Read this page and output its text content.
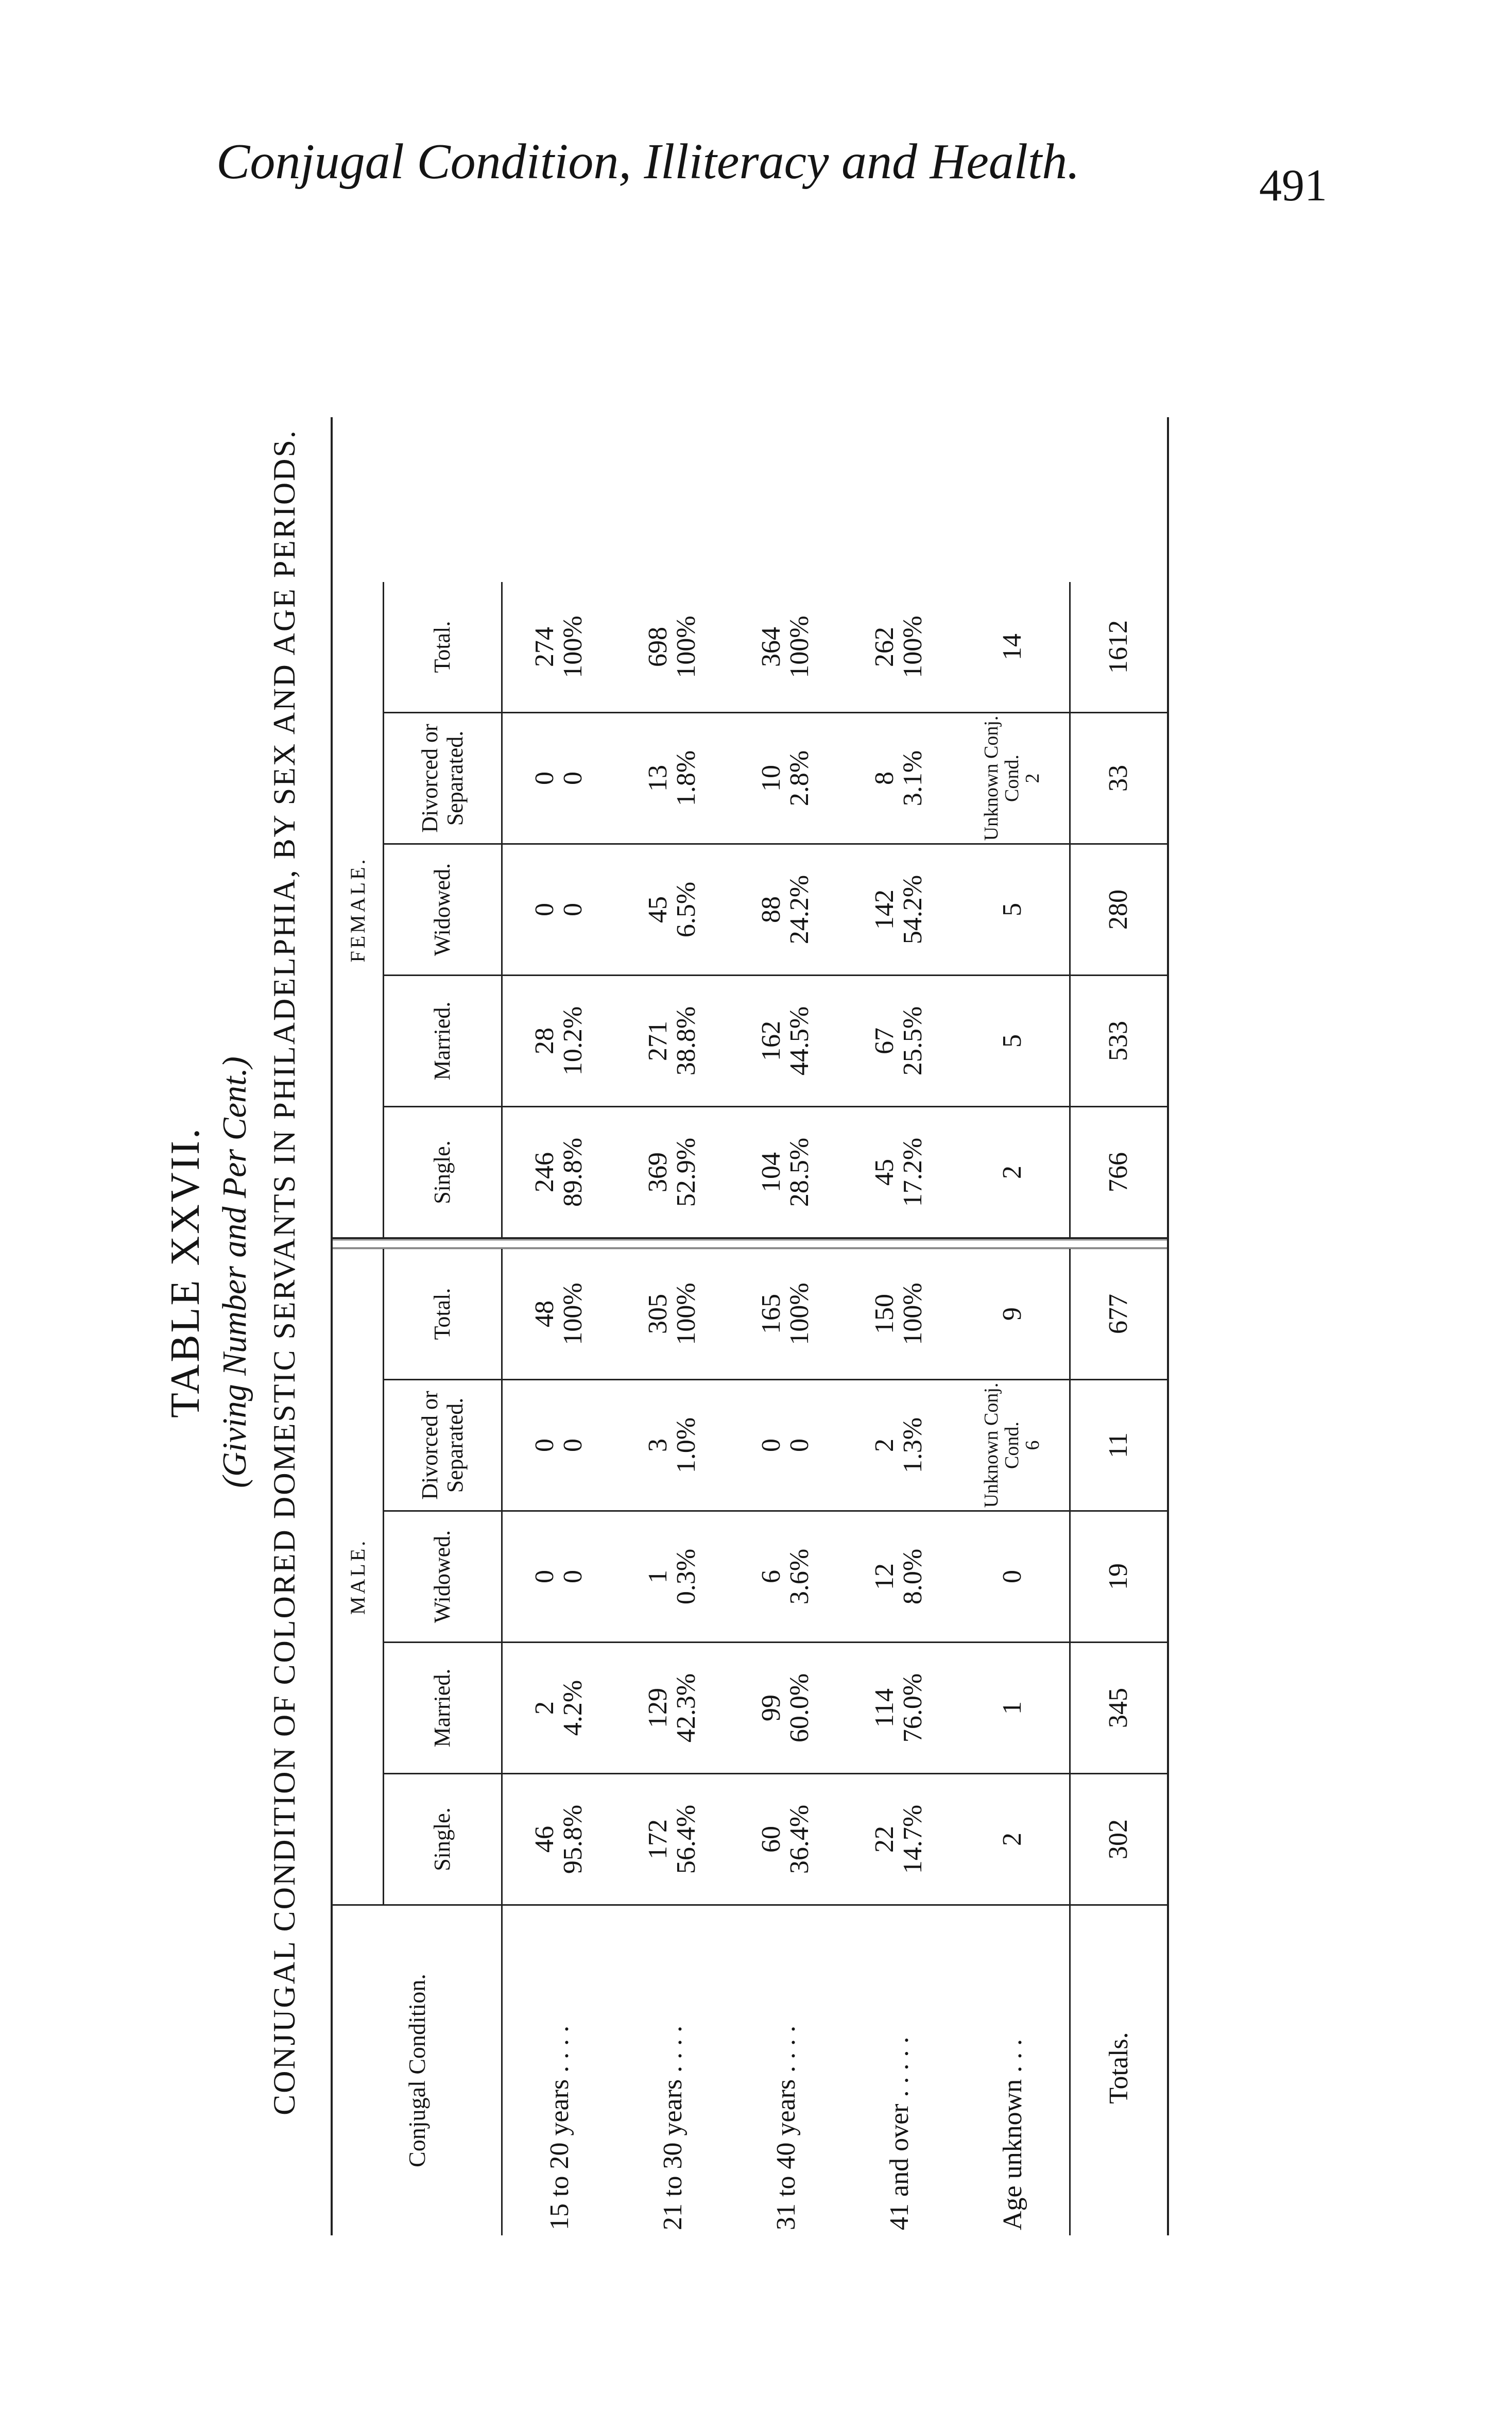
Conjugal Condition, Illiteracy and Health.	491
TABLE XXVII. (Giving Number and Per Cent.) CONJUGAL CONDITION OF COLORED DOMESTIC SERVANTS IN PHILADELPHIA, BY SEX AND AGE PERIODS.	Conjugal Condition.
MALE.
FEMALE.
Single.
Married.
Widowed.
Divorced or Separated.
Total.
Single.
Married.
Widowed.
Divorced or Separated.
Total.
15 to 20 years . . . .
46
95.8%
2
4.2%
0
0
0
0
48
100%
246
89.8%
28
10.2%
0
0
0
0
274
100%
21 to 30 years . . . .
172
56.4%
129
42.3%
1
0.3%
3
1.0%
305
100%
369
52.9%
271
38.8%
45
6.5%
13
1.8%
698
100%
31 to 40 years . . . .
60
36.4%
99
60.0%
6
3.6%
0
0
165
100%
104
28.5%
162
44.5%
88
24.2%
10
2.8%
364
100%
41 and over . . . . .
22
14.7%
114
76.0%
12
8.0%
2
1.3%
150
100%
45
17.2%
67
25.5%
142
54.2%
8
3.1%
262
100%
Age unknown . . .
2
1
0
Unknown Conj. Cond.
6
9
2
5
5
Unknown Conj. Cond.
2
14
Totals.
302
345
19
11
677
766
533
280
33
1612
